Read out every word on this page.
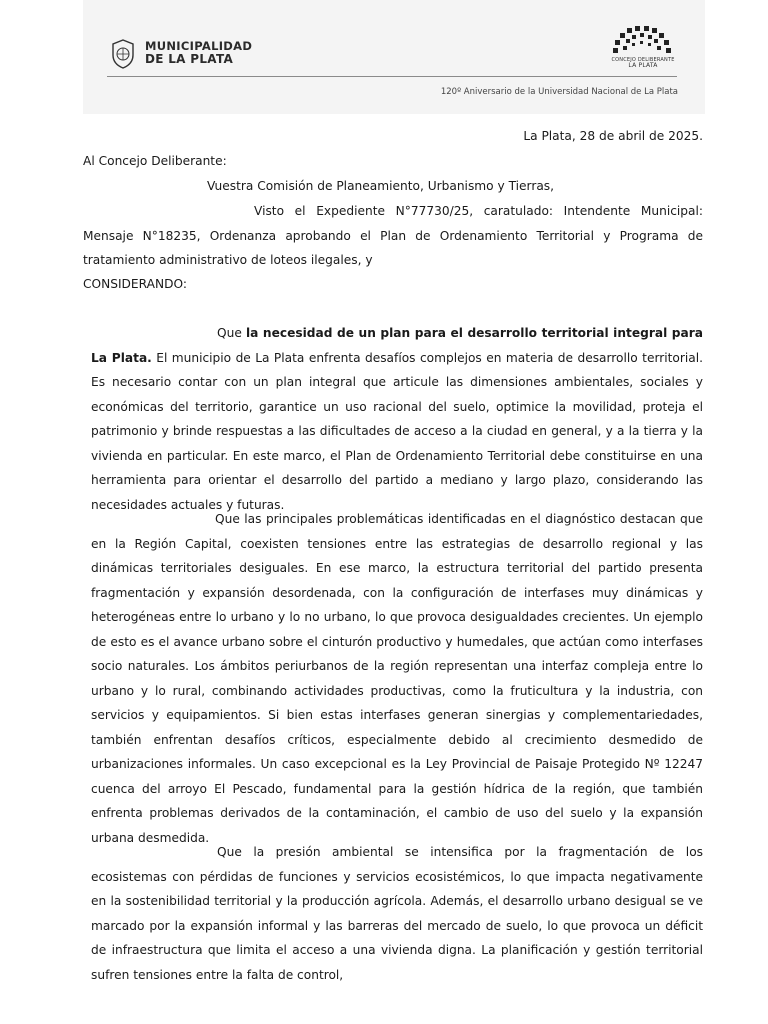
MUNICIPALIDAD
DE LA PLATA	CONCEJO DELIBERANTE
LA PLATA
120º Aniversario de la Universidad Nacional de La Plata
La Plata, 28 de abril de 2025.
Al Concejo Deliberante:
Vuestra Comisión de Planeamiento, Urbanismo y Tierras,

Visto el Expediente N°77730/25, caratulado: Intendente Municipal: Mensaje N°18235, Ordenanza aprobando el Plan de Ordenamiento Territorial y Programa de tratamiento administrativo de loteos ilegales, y

CONSIDERANDO:

Que la necesidad de un plan para el desarrollo territorial integral para La Plata. El municipio de La Plata enfrenta desafíos complejos en materia de desarrollo territorial. Es necesario contar con un plan integral que articule las dimensiones ambientales, sociales y económicas del territorio, garantice un uso racional del suelo, optimice la movilidad, proteja el patrimonio y brinde respuestas a las dificultades de acceso a la ciudad en general, y a la tierra y la vivienda en particular. En este marco, el Plan de Ordenamiento Territorial debe constituirse en una herramienta para orientar el desarrollo del partido a mediano y largo plazo, considerando las necesidades actuales y futuras.

Que las principales problemáticas identificadas en el diagnóstico destacan que en la Región Capital, coexisten tensiones entre las estrategias de desarrollo regional y las dinámicas territoriales desiguales. En ese marco, la estructura territorial del partido presenta fragmentación y expansión desordenada, con la configuración de interfases muy dinámicas y heterogéneas entre lo urbano y lo no urbano, lo que provoca desigualdades crecientes. Un ejemplo de esto es el avance urbano sobre el cinturón productivo y humedales, que actúan como interfases socio naturales. Los ámbitos periurbanos de la región representan una interfaz compleja entre lo urbano y lo rural, combinando actividades productivas, como la fruticultura y la industria, con servicios y equipamientos. Si bien estas interfases generan sinergias y complementariedades, también enfrentan desafíos críticos, especialmente debido al crecimiento desmedido de urbanizaciones informales. Un caso excepcional es la Ley Provincial de Paisaje Protegido Nº 12247 cuenca del arroyo El Pescado, fundamental para la gestión hídrica de la región, que también enfrenta problemas derivados de la contaminación, el cambio de uso del suelo y la expansión urbana desmedida.

Que la presión ambiental se intensifica por la fragmentación de los ecosistemas con pérdidas de funciones y servicios ecosistémicos, lo que impacta negativamente en la sostenibilidad territorial y la producción agrícola. Además, el desarrollo urbano desigual se ve marcado por la expansión informal y las barreras del mercado de suelo, lo que provoca un déficit de infraestructura que limita el acceso a una vivienda digna. La planificación y gestión territorial sufren tensiones entre la falta de control,
